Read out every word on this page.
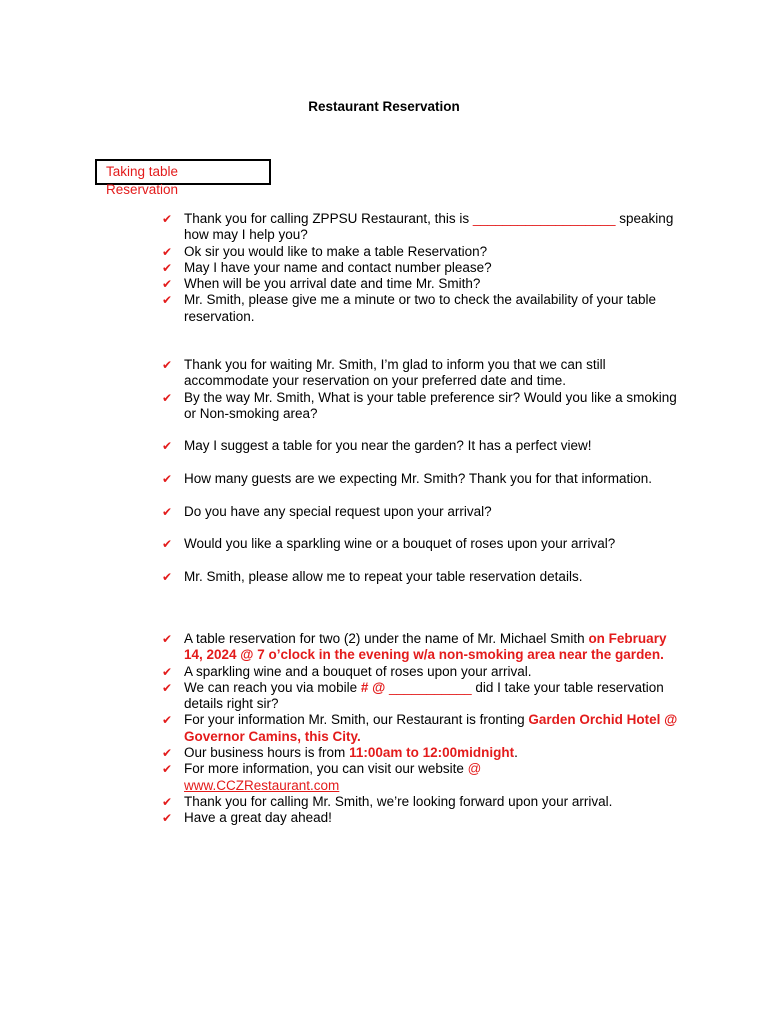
Restaurant Reservation
Taking table
Reservation
✔ Thank you for calling ZPPSU Restaurant, this is ___________________ speaking how may I help you?
✔ Ok sir you would like to make a table Reservation?
✔ May I have your name and contact number please?
✔ When will be you arrival date and time Mr. Smith?
✔ Mr. Smith, please give me a minute or two to check the availability of your table reservation.
✔ Thank you for waiting Mr. Smith, I’m glad to inform you that we can still accommodate your reservation on your preferred date and time.
✔ By the way Mr. Smith, What is your table preference sir? Would you like a smoking or Non-smoking area?
✔ May I suggest a table for you near the garden? It has a perfect view!
✔ How many guests are we expecting Mr. Smith? Thank you for that information.
✔ Do you have any special request upon your arrival?
✔ Would you like a sparkling wine or a bouquet of roses upon your arrival?
✔ Mr. Smith, please allow me to repeat your table reservation details.
✔ A table reservation for two (2) under the name of Mr. Michael Smith on February 14, 2024 @ 7 o’clock in the evening w/a non-smoking area near the garden.
✔ A sparkling wine and a bouquet of roses upon your arrival.
✔ We can reach you via mobile # @ ___________ did I take your table reservation details right sir?
✔ For your information Mr. Smith, our Restaurant is fronting Garden Orchid Hotel @ Governor Camins, this City.
✔ Our business hours is from 11:00am to 12:00midnight.
✔ For more information, you can visit our website @
www.CCZRestaurant.com
✔ Thank you for calling Mr. Smith, we’re looking forward upon your arrival.
✔ Have a great day ahead!
